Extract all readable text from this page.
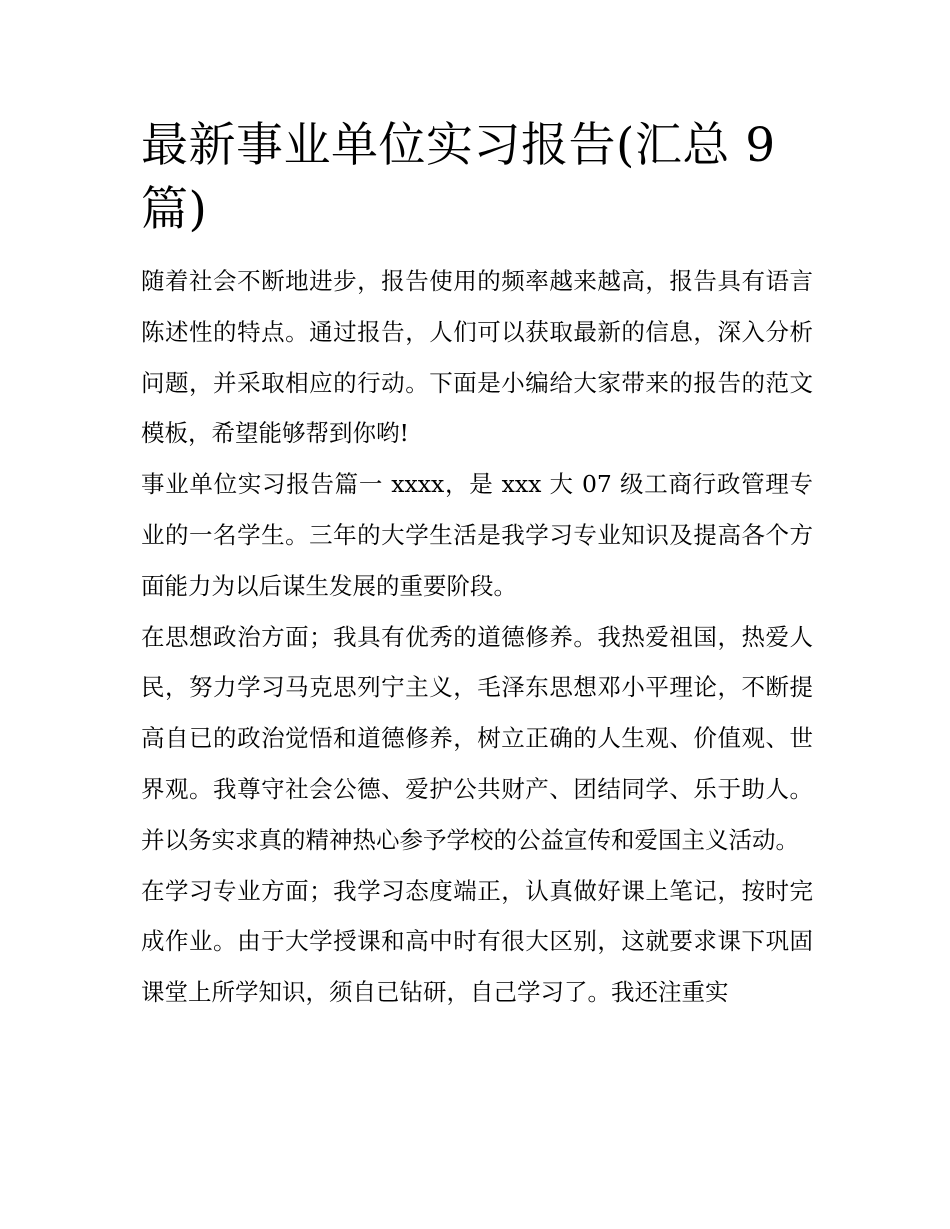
最新事业单位实习报告(汇总 9 篇)

随着社会不断地进步，报告使用的频率越来越高，报告具有语言陈述性的特点。通过报告，人们可以获取最新的信息，深入分析问题，并采取相应的行动。下面是小编给大家带来的报告的范文模板，希望能够帮到你哟!

事业单位实习报告篇一 xxxx，是 xxx 大 07 级工商行政管理专业的一名学生。三年的大学生活是我学习专业知识及提高各个方面能力为以后谋生发展的重要阶段。

在思想政治方面；我具有优秀的道德修养。我热爱祖国，热爱人民，努力学习马克思列宁主义，毛泽东思想邓小平理论，不断提高自已的政治觉悟和道德修养，树立正确的人生观、价值观、世界观。我尊守社会公德、爱护公共财产、团结同学、乐于助人。并以务实求真的精神热心参予学校的公益宣传和爱国主义活动。

在学习专业方面；我学习态度端正，认真做好课上笔记，按时完成作业。由于大学授课和高中时有很大区别，这就要求课下巩固课堂上所学知识，须自已钻研，自己学习了。我还注重实
